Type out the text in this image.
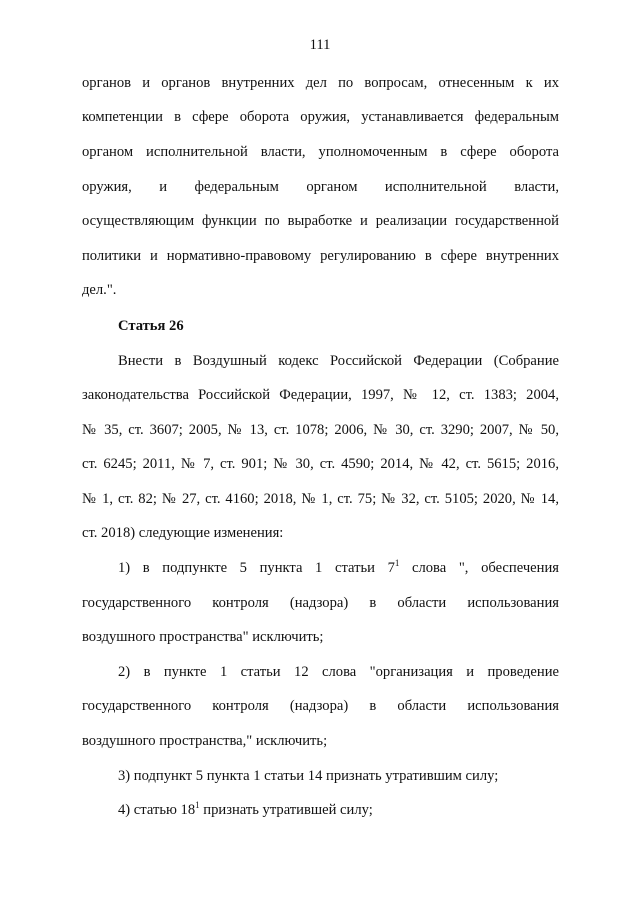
111
органов и органов внутренних дел по вопросам, отнесенным к их
компетенции в сфере оборота оружия, устанавливается федеральным
органом исполнительной власти, уполномоченным в сфере оборота
оружия, и федеральным органом исполнительной власти,
осуществляющим функции по выработке и реализации государственной
политики и нормативно-правовому регулированию в сфере внутренних
дел.".
Статья 26
Внести в Воздушный кодекс Российской Федерации (Собрание
законодательства Российской Федерации, 1997, № 12, ст. 1383; 2004,
№ 35, ст. 3607; 2005, № 13, ст. 1078; 2006, № 30, ст. 3290; 2007, № 50,
ст. 6245; 2011, № 7, ст. 901; № 30, ст. 4590; 2014, № 42, ст. 5615; 2016,
№ 1, ст. 82; № 27, ст. 4160; 2018, № 1, ст. 75; № 32, ст. 5105; 2020, № 14,
ст. 2018) следующие изменения:
1) в подпункте 5 пункта 1 статьи $7^1$ слова ", обеспечения
государственного контроля (надзора) в области использования
воздушного пространства" исключить;
2) в пункте 1 статьи 12 слова "организация и проведение
государственного контроля (надзора) в области использования
воздушного пространства," исключить;
3) подпункт 5 пункта 1 статьи 14 признать утратившим силу;
4) статью $18^1$ признать утратившей силу;
